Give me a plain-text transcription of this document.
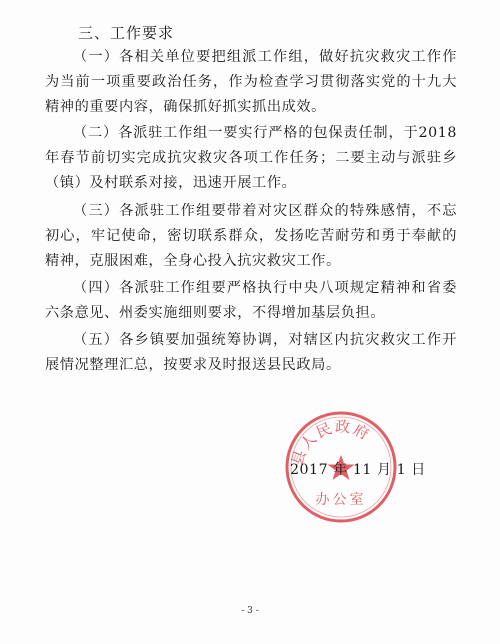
三、工作要求
（一）各相关单位要把组派工作组，做好抗灾救灾工作作为当前一项重要政治任务，作为检查学习贯彻落实党的十九大精神的重要内容，确保抓好抓实抓出成效。
（二）各派驻工作组一要实行严格的包保责任制，于2018年春节前切实完成抗灾救灾各项工作任务；二要主动与派驻乡（镇）及村联系对接，迅速开展工作。
（三）各派驻工作组要带着对灾区群众的特殊感情，不忘初心，牢记使命，密切联系群众，发扬吃苦耐劳和勇于奉献的精神，克服困难，全身心投入抗灾救灾工作。
（四）各派驻工作组要严格执行中央八项规定精神和省委六条意见、州委实施细则要求，不得增加基层负担。
（五）各乡镇要加强统筹协调，对辖区内抗灾救灾工作开展情况整理汇总，按要求及时报送县民政局。
县人民政府
办公室
2017 年 11 月 1 日
- 3 -
